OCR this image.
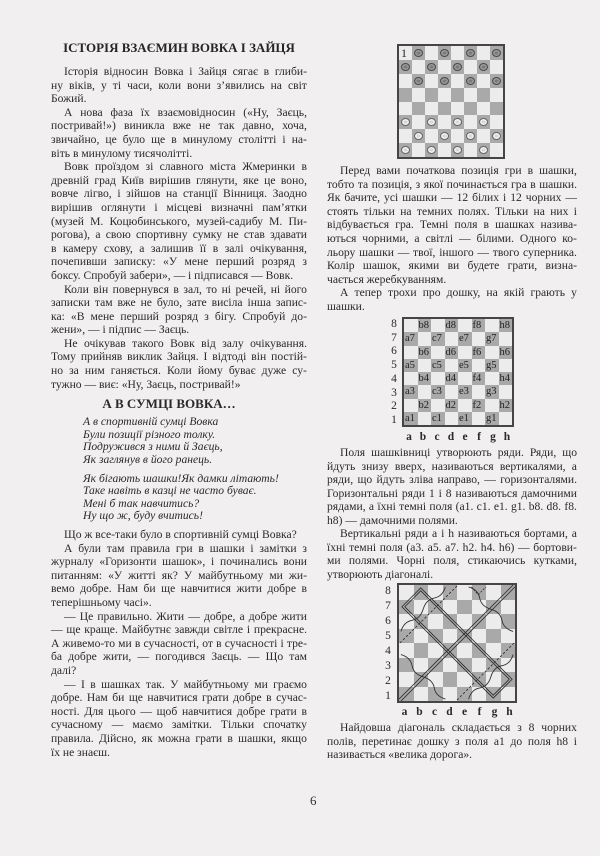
ІСТОРІЯ ВЗАЄМИН ВОВКА І ЗАЙЦЯ
Історія відносин Вовка і Зайця сягає в глиби-
ну віків, у ті часи, коли вони з’явились на світ
Божий.
А нова фаза їх взаємовідносин («Ну, Заєць,
постривай!») виникла вже не так давно, хоча,
звичайно, це було ще в минулому столітті і на-
віть в минулому тисячолітті.
Вовк проїздом зі славного міста Жмеринки в
древній град Київ вирішив глянути, яке це воно,
вовче лігво, і зійшов на станції Вінниця. Заодно
вирішив оглянути і місцеві визначні пам’ятки
(музей М. Коцюбинського, музей-садибу М. Пи-
рогова), а свою спортивну сумку не став здавати
в камеру схову, а залишив її в залі очікування,
почепивши записку: «У мене перший розряд з
боксу. Спробуй забери», — і підписався — Вовк.
Коли він повернувся в зал, то ні речей, ні його
записки там вже не було, зате висіла інша запис-
ка: «В мене перший розряд з бігу. Спробуй до-
жени», — і підпис — Заєць.
Не очікував такого Вовк від залу очікування.
Тому прийняв виклик Зайця. І відтоді він постій-
но за ним ганяється. Коли йому буває дуже су-
тужно — виє: «Ну, Заєць, постривай!»
А В СУМЦІ ВОВКА…
А в спортивній сумці Вовка
Були позиції різного толку.
Подружився з ними й Заєць,
Як заглянув в його ранець.
Як бігають шашки!Як дамки літають!
Таке навіть в казці не часто буває.
Мені б так навчитись?
Ну що ж, буду вчитись!
Що ж все-таки було в спортивній сумці Вовка?
А були там правила гри в шашки і замітки з
журналу «Горизонти шашок», і починались вони
питанням: «У житті як? У майбутньому ми жи-
вемо добре. Нам би ще навчитися жити добре в
теперішньому часі».
— Це правильно. Жити — добре, а добре жити
— ще краще. Майбутнє завжди світле і прекрасне.
А живемо-то ми в сучасності, от в сучасності і тре-
ба добре жити, — погодився Заєць. — Що там
далі?
— І в шашках так. У майбутньому ми граємо
добре. Нам би ще навчитися грати добре в сучас-
ності. Для цього — щоб навчитися добре грати в
сучасному — маємо замітки. Тільки спочатку
правила. Дійсно, як можна грати в шашки, якщо
їх не знаєш.
1
Перед вами початкова позиція гри в шашки,
тобто та позиція, з якої починається гра в шашки.
Як бачите, усі шашки — 12 білих і 12 чорних —
стоять тільки на темних полях. Тільки на них і
відбувається гра. Темні поля в шашках назива-
ються чорними, а світлі — білими. Одного ко-
льору шашки — твої, іншого — твого суперника.
Колір шашок, якими ви будете грати, визна-
чається жеребкуванням.
А тепер трохи про дошку, на якій грають у
шашки.
b8 d8 f8 h8
a7 c7 e7 g7
b6 d6 f6 h6
a5 c5 e5 g5
b4 d4 f4 h4
a3 c3 e3 g3
b2 d2 f2 h2
a1 c1 e1 g1
8
7
6
5
4
3
2
1
a b c d e f g h
Поля шашківниці утворюють ряди. Ряди, що
йдуть знизу вверх, називаються вертикалями, а
ряди, що йдуть зліва направо, — горизонталями.
Горизонтальні ряди 1 і 8 називаються дамочними
рядами, а їхні темні поля (a1. c1. e1. g1. b8. d8. f8.
h8) — дамочними полями.
Вертикальні ряди a і h називаються бортами, а
їхні темні поля (a3. a5. a7. h2. h4. h6) — бортови-
ми полями. Чорні поля, стикаючись кутками,
утворюють діагоналі.
8
7
6
5
4
3
2
1
a b c d e f g h
Найдовша діагональ складається з 8 чорних
полів, перетинає дошку з поля a1 до поля h8 і
називається «велика дорога».
6
